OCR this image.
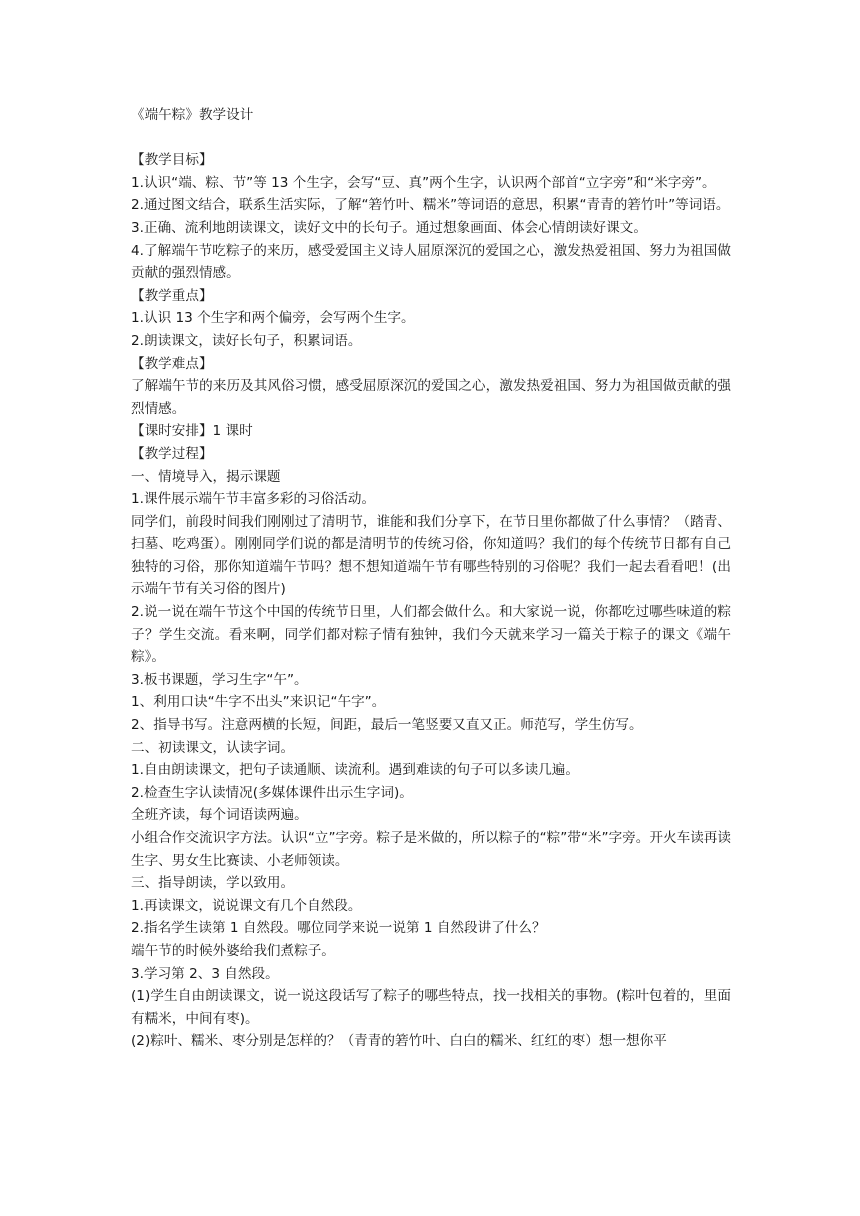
《端午粽》教学设计

【教学目标】

1.认识“端、粽、节”等 13 个生字，会写“豆、真”两个生字，认识两个部首“立字旁”和“米字旁”。

2.通过图文结合，联系生活实际，了解“箬竹叶、糯米”等词语的意思，积累“青青的箬竹叶”等词语。

3.正确、流利地朗读课文，读好文中的长句子。通过想象画面、体会心情朗读好课文。

4.了解端午节吃粽子的来历，感受爱国主义诗人屈原深沉的爱国之心，激发热爱祖国、努力为祖国做贡献的强烈情感。

【教学重点】

1.认识 13 个生字和两个偏旁，会写两个生字。

2.朗读课文，读好长句子，积累词语。

【教学难点】

了解端午节的来历及其风俗习惯，感受屈原深沉的爱国之心，激发热爱祖国、努力为祖国做贡献的强烈情感。

【课时安排】1 课时

【教学过程】

一、情境导入，揭示课题

1.课件展示端午节丰富多彩的习俗活动。

同学们，前段时间我们刚刚过了清明节，谁能和我们分享下，在节日里你都做了什么事情？（踏青、扫墓、吃鸡蛋）。刚刚同学们说的都是清明节的传统习俗，你知道吗？我们的每个传统节日都有自己独特的习俗，那你知道端午节吗？想不想知道端午节有哪些特别的习俗呢？我们一起去看看吧！(出示端午节有关习俗的图片)

2.说一说在端午节这个中国的传统节日里，人们都会做什么。和大家说一说，你都吃过哪些味道的粽子？学生交流。看来啊，同学们都对粽子情有独钟，我们今天就来学习一篇关于粽子的课文《端午粽》。

3.板书课题，学习生字“午”。

1、利用口诀“牛字不出头”来识记“午字”。

2、指导书写。注意两横的长短，间距，最后一笔竖要又直又正。师范写，学生仿写。

二、初读课文，认读字词。

1.自由朗读课文，把句子读通顺、读流利。遇到难读的句子可以多读几遍。

2.检查生字认读情况(多媒体课件出示生字词)。

全班齐读，每个词语读两遍。

小组合作交流识字方法。认识“立”字旁。粽子是米做的，所以粽子的“粽”带“米”字旁。开火车读再读生字、男女生比赛读、小老师领读。

三、指导朗读，学以致用。

1.再读课文，说说课文有几个自然段。

2.指名学生读第 1 自然段。哪位同学来说一说第 1 自然段讲了什么？

端午节的时候外婆给我们煮粽子。

3.学习第 2、3 自然段。

(1)学生自由朗读课文，说一说这段话写了粽子的哪些特点，找一找相关的事物。(粽叶包着的，里面有糯米，中间有枣)。

(2)粽叶、糯米、枣分别是怎样的？（青青的箬竹叶、白白的糯米、红红的枣）想一想你平
